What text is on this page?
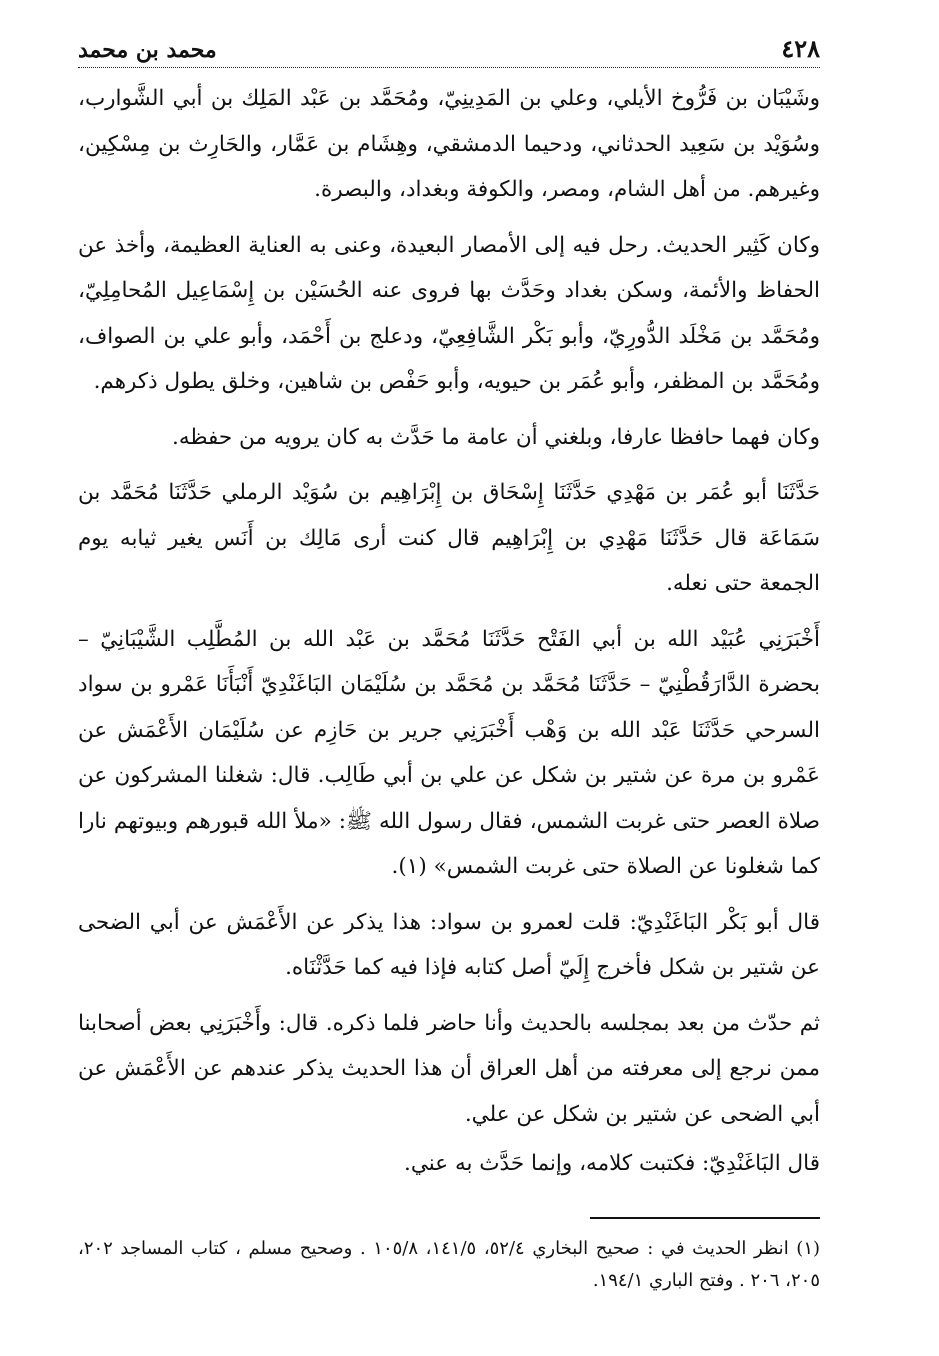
٤٢٨
محمد بن محمد

وشَيْبَان بن فَرُّوخ الأيلي، وعلي بن المَدِينِيّ، ومُحَمَّد بن عَبْد المَلِك بن أبي الشَّوارب، وسُوَيْد بن سَعِيد الحدثاني، ودحيما الدمشقي، وهِشَام بن عَمَّار، والحَارِث بن مِسْكِين، وغيرهم. من أهل الشام، ومصر، والكوفة وبغداد، والبصرة.

وكان كَثِير الحديث. رحل فيه إلى الأمصار البعيدة، وعنى به العناية العظيمة، وأخذ عن الحفاظ والأئمة، وسكن بغداد وحَدَّث بها فروى عنه الحُسَيْن بن إِسْمَاعِيل المُحامِلِيّ، ومُحَمَّد بن مَخْلَد الدُّورِيّ، وأبو بَكْر الشَّافِعِيّ، ودعلج بن أَحْمَد، وأبو علي بن الصواف، ومُحَمَّد بن المظفر، وأبو عُمَر بن حيويه، وأبو حَفْص بن شاهين، وخلق يطول ذكرهم.

وكان فهما حافظا عارفا، وبلغني أن عامة ما حَدَّث به كان يرويه من حفظه.

حَدَّثَنَا أبو عُمَر بن مَهْدِي حَدَّثَنَا إِسْحَاق بن إِبْرَاهِيم بن سُوَيْد الرملي حَدَّثَنَا مُحَمَّد بن سَمَاعَة قال حَدَّثَنَا مَهْدِي بن إِبْرَاهِيم قال كنت أرى مَالِك بن أَنَس يغير ثيابه يوم الجمعة حتى نعله.

أَخْبَرَنِي عُبَيْد الله بن أبي الفَتْح حَدَّثَنَا مُحَمَّد بن عَبْد الله بن المُطَّلِب الشَّيْبَانِيّ – بحضرة الدَّارَقُطْنِيّ – حَدَّثَنَا مُحَمَّد بن مُحَمَّد بن سُلَيْمَان البَاغَنْدِيّ أَنْبَأَنَا عَمْرو بن سواد السرحي حَدَّثَنَا عَبْد الله بن وَهْب أَخْبَرَنِي جرير بن حَازِم عن سُلَيْمَان الأَعْمَش عن عَمْرو بن مرة عن شتير بن شكل عن علي بن أبي طَالِب. قال: شغلنا المشركون عن صلاة العصر حتى غربت الشمس، فقال رسول الله ﷺ: «ملأ الله قبورهم وبيوتهم نارا كما شغلونا عن الصلاة حتى غربت الشمس» (١).

قال أبو بَكْر البَاغَنْدِيّ: قلت لعمرو بن سواد: هذا يذكر عن الأَعْمَش عن أبي الضحى عن شتير بن شكل فأخرج إِلَيّ أصل كتابه فإذا فيه كما حَدَّثْنَاه.

ثم حدّث من بعد بمجلسه بالحديث وأنا حاضر فلما ذكره. قال: وأَخْبَرَنِي بعض أصحابنا ممن نرجع إلى معرفته من أهل العراق أن هذا الحديث يذكر عندهم عن الأَعْمَش عن أبي الضحى عن شتير بن شكل عن علي.

قال البَاغَنْدِيّ: فكتبت كلامه، وإنما حَدَّث به عني.

(١) انظر الحديث في : صحيح البخاري ٥٢/٤، ١٤١/٥، ١٠٥/٨ . وصحيح مسلم ، كتاب المساجد ٢٠٢، ٢٠٥، ٢٠٦ . وفتح الباري ١٩٤/١.
